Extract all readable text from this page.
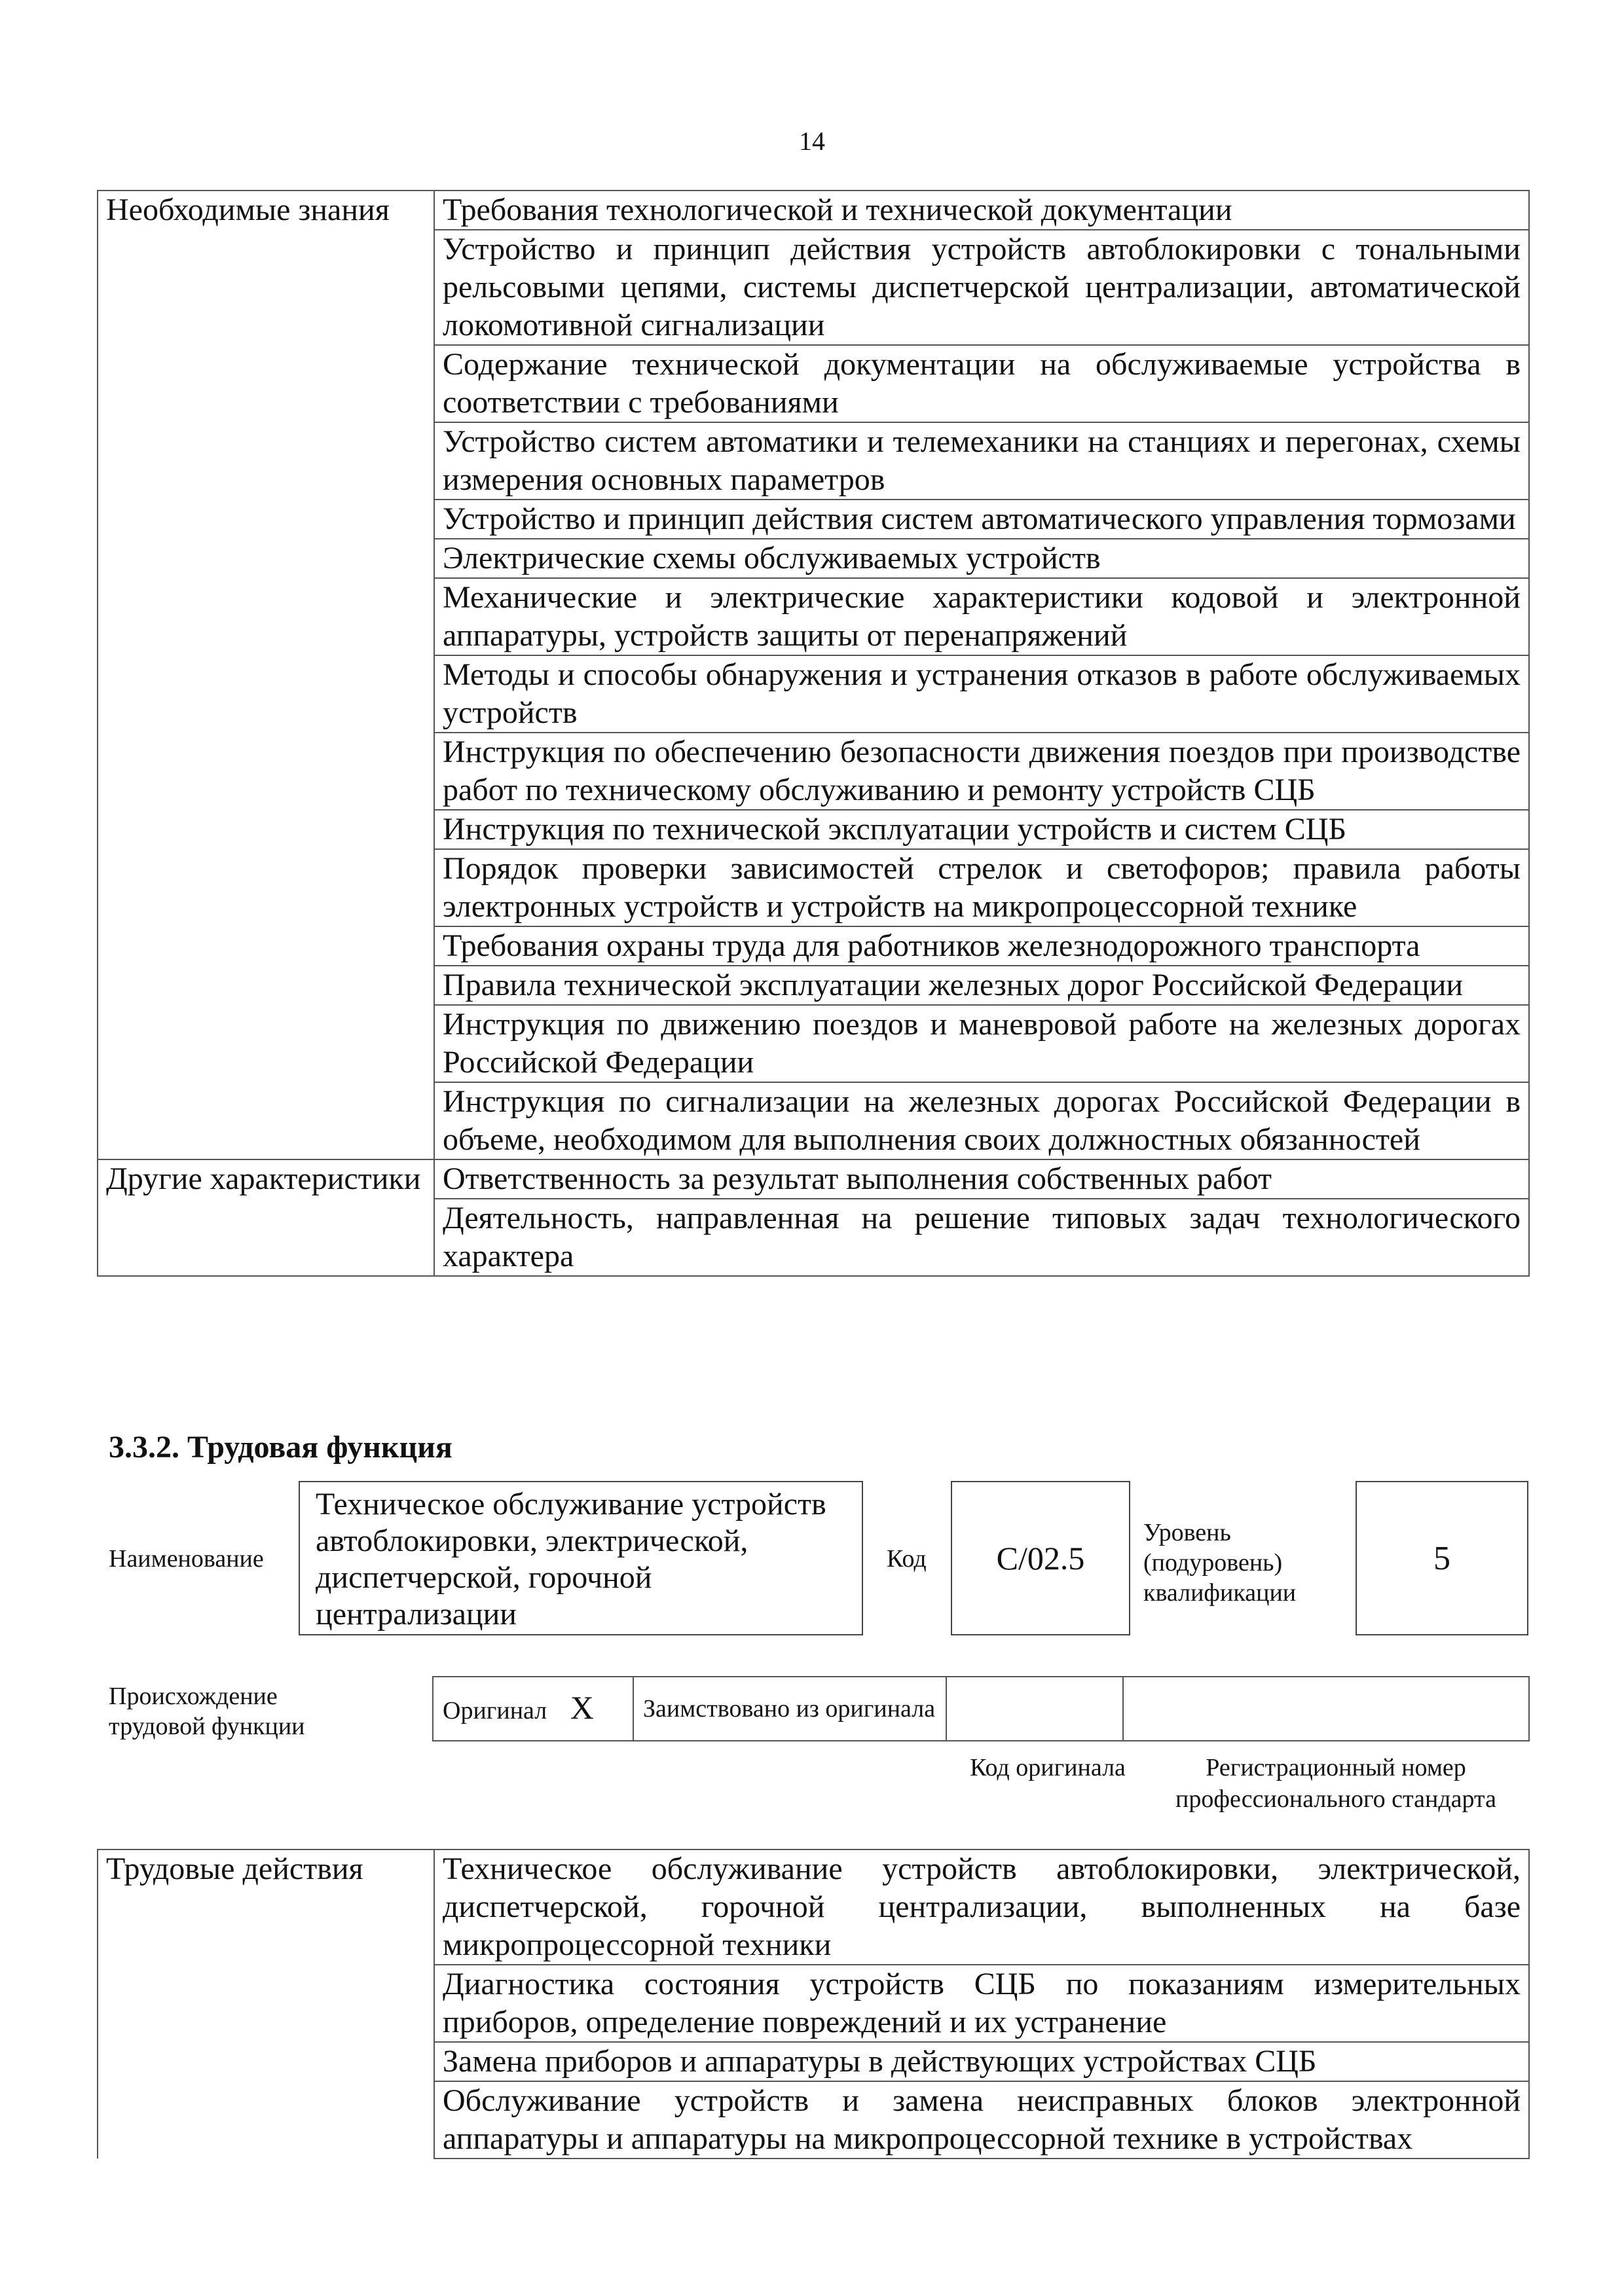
14
Необходимые знания	Требования технологической и технической документации
	Устройство и принцип действия устройств автоблокировки с тональными рельсовыми цепями, системы диспетчерской централизации, автоматической локомотивной сигнализации
	Содержание технической документации на обслуживаемые устройства в соответствии с требованиями
	Устройство систем автоматики и телемеханики на станциях и перегонах, схемы измерения основных параметров
	Устройство и принцип действия систем автоматического управления тормозами
	Электрические схемы обслуживаемых устройств
	Механические и электрические характеристики кодовой и электронной аппаратуры, устройств защиты от перенапряжений
	Методы и способы обнаружения и устранения отказов в работе обслуживаемых устройств
	Инструкция по обеспечению безопасности движения поездов при производстве работ по техническому обслуживанию и ремонту устройств СЦБ
	Инструкция по технической эксплуатации устройств и систем СЦБ
	Порядок проверки зависимостей стрелок и светофоров; правила работы электронных устройств и устройств на микропроцессорной технике
	Требования охраны труда для работников железнодорожного транспорта
	Правила технической эксплуатации железных дорог Российской Федерации
	Инструкция по движению поездов и маневровой работе на железных дорогах Российской Федерации
	Инструкция по сигнализации на железных дорогах Российской Федерации в объеме, необходимом для выполнения своих должностных обязанностей
Другие характеристики	Ответственность за результат выполнения собственных работ
	Деятельность, направленная на решение типовых задач технологического характера
3.3.2. Трудовая функция
Наименование
Техническое обслуживание устройств автоблокировки, электрической, диспетчерской, горочной централизации
Код	C/02.5
Уровень (подуровень) квалификации
5
Происхождение трудовой функции
Оригинал X	Заимствовано из оригинала		
Код оригинала	Регистрационный номер профессионального стандарта
Трудовые действия	Техническое обслуживание устройств автоблокировки, электрической, диспетчерской, горочной централизации, выполненных на базе микропроцессорной техники
	Диагностика состояния устройств СЦБ по показаниям измерительных приборов, определение повреждений и их устранение
	Замена приборов и аппаратуры в действующих устройствах СЦБ
	Обслуживание устройств и замена неисправных блоков электронной аппаратуры и аппаратуры на микропроцессорной технике в устройствах
